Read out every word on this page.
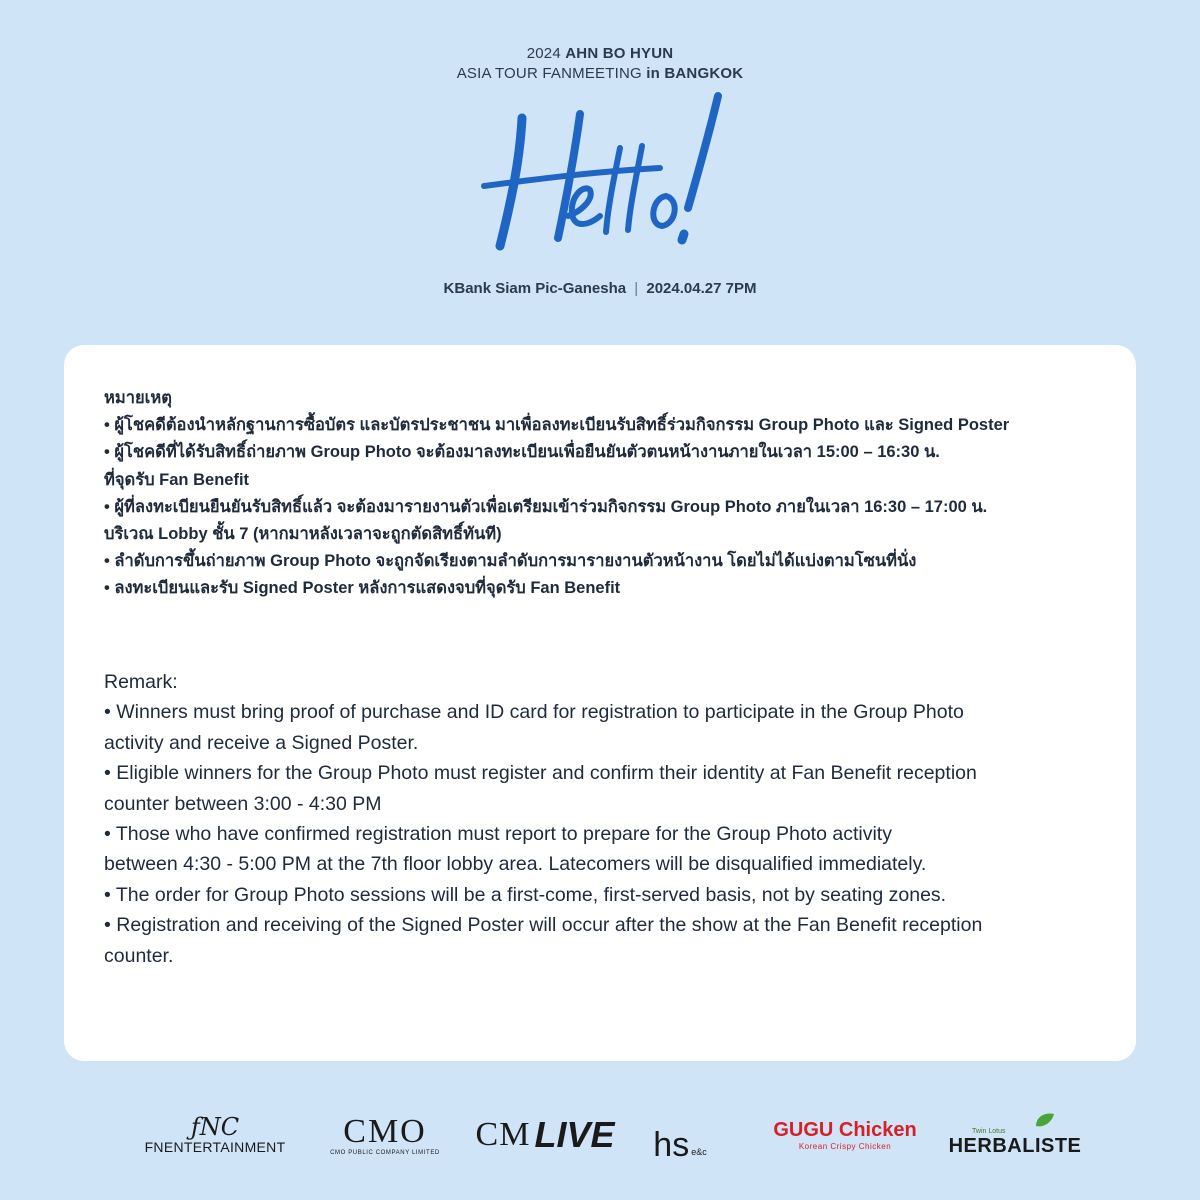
2024 AHN BO HYUN
ASIA TOUR FANMEETING in BANGKOK
Hello!
KBank Siam Pic-Ganesha | 2024.04.27 7PM
หมายเหตุ
• ผู้โชคดีต้องนำหลักฐานการซื้อบัตร และบัตรประชาชน มาเพื่อลงทะเบียนรับสิทธิ์ร่วมกิจกรรม Group Photo และ Signed Poster
• ผู้โชคดีที่ได้รับสิทธิ์ถ่ายภาพ Group Photo จะต้องมาลงทะเบียนเพื่อยืนยันตัวตนหน้างานภายในเวลา 15:00 – 16:30 น.
ที่จุดรับ Fan Benefit
• ผู้ที่ลงทะเบียนยืนยันรับสิทธิ์แล้ว จะต้องมารายงานตัวเพื่อเตรียมเข้าร่วมกิจกรรม Group Photo ภายในเวลา 16:30 – 17:00 น.
บริเวณ Lobby ชั้น 7 (หากมาหลังเวลาจะถูกตัดสิทธิ์ทันที)
• ลำดับการขึ้นถ่ายภาพ Group Photo จะถูกจัดเรียงตามลำดับการมารายงานตัวหน้างาน โดยไม่ได้แบ่งตามโซนที่นั่ง
• ลงทะเบียนและรับ Signed Poster หลังการแสดงจบที่จุดรับ Fan Benefit
Remark:
• Winners must bring proof of purchase and ID card for registration to participate in the Group Photo
activity and receive a Signed Poster.
• Eligible winners for the Group Photo must register and confirm their identity at Fan Benefit reception
counter between 3:00 - 4:30 PM
• Those who have confirmed registration must report to prepare for the Group Photo activity
between 4:30 - 5:00 PM at the 7th floor lobby area. Latecomers will be disqualified immediately.
• The order for Group Photo sessions will be a first-come, first-served basis, not by seating zones.
• Registration and receiving of the Signed Poster will occur after the show at the Fan Benefit reception
counter.
ƒNC
FNENTERTAINMENT CMO
CMO PUBLIC COMPANY LIMITED CM LIVE hs e&c
GUGU Chicken
Korean Crispy Chicken
Twin Lotus
HERBALISTE
